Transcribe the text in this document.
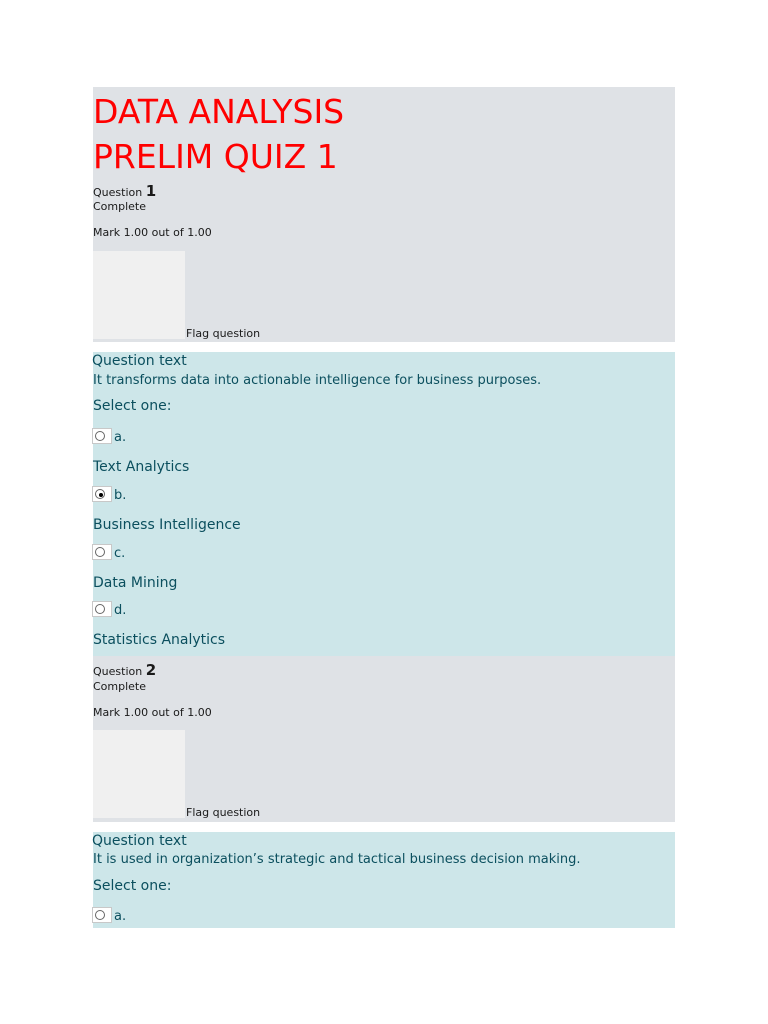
DATA ANALYSIS
PRELIM QUIZ 1
Question 1
Complete
Mark 1.00 out of 1.00
Flag question
Question text
It transforms data into actionable intelligence for business purposes.
Select one:
a.
Text Analytics
b.
Business Intelligence
c.
Data Mining
d.
Statistics Analytics
Question 2
Complete
Mark 1.00 out of 1.00
Flag question
Question text
It is used in organization’s strategic and tactical business decision making.
Select one:
a.
